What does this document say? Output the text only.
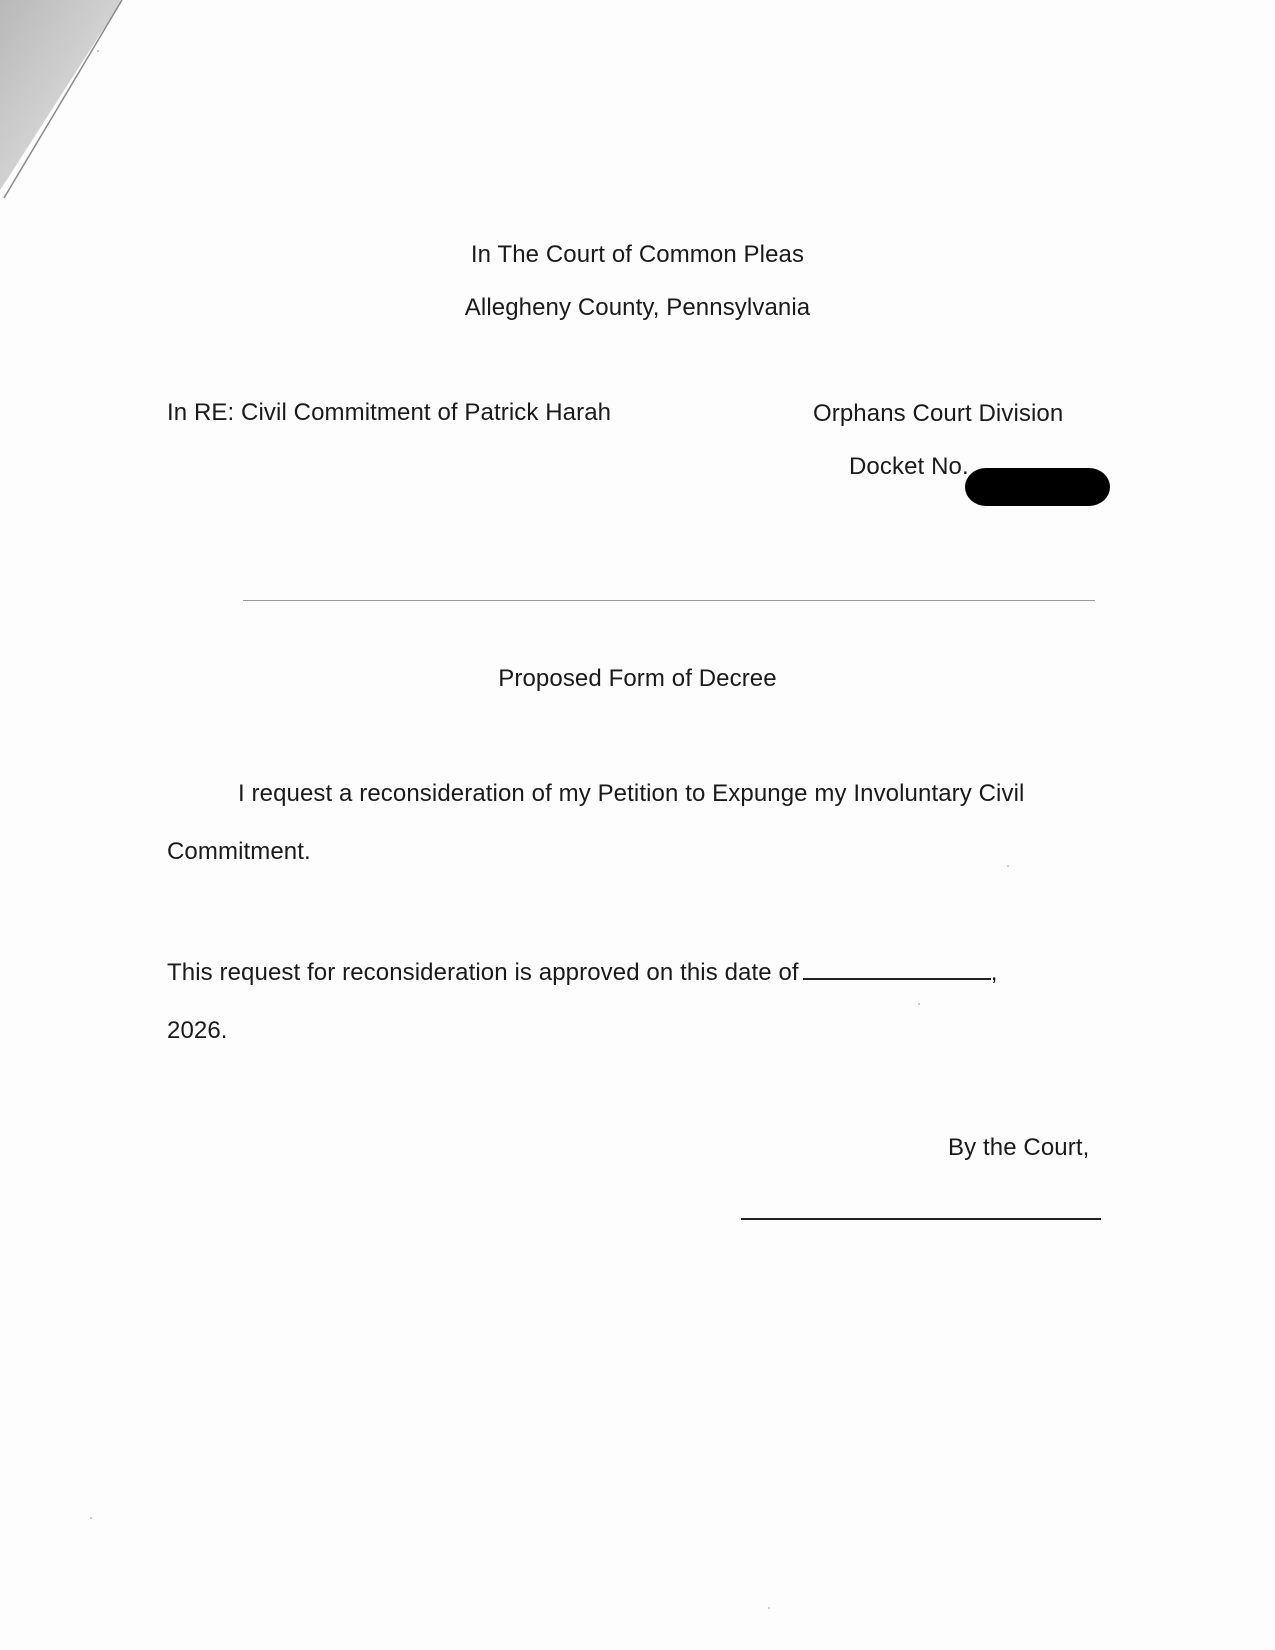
In The Court of Common Pleas
Allegheny County, Pennsylvania
In RE: Civil Commitment of Patrick Harah	Orphans Court Division
Docket No.
Proposed Form of Decree
I request a reconsideration of my Petition to Expunge my Involuntary Civil
Commitment.
This request for reconsideration is approved on this date of	,
2026.
By the Court,
